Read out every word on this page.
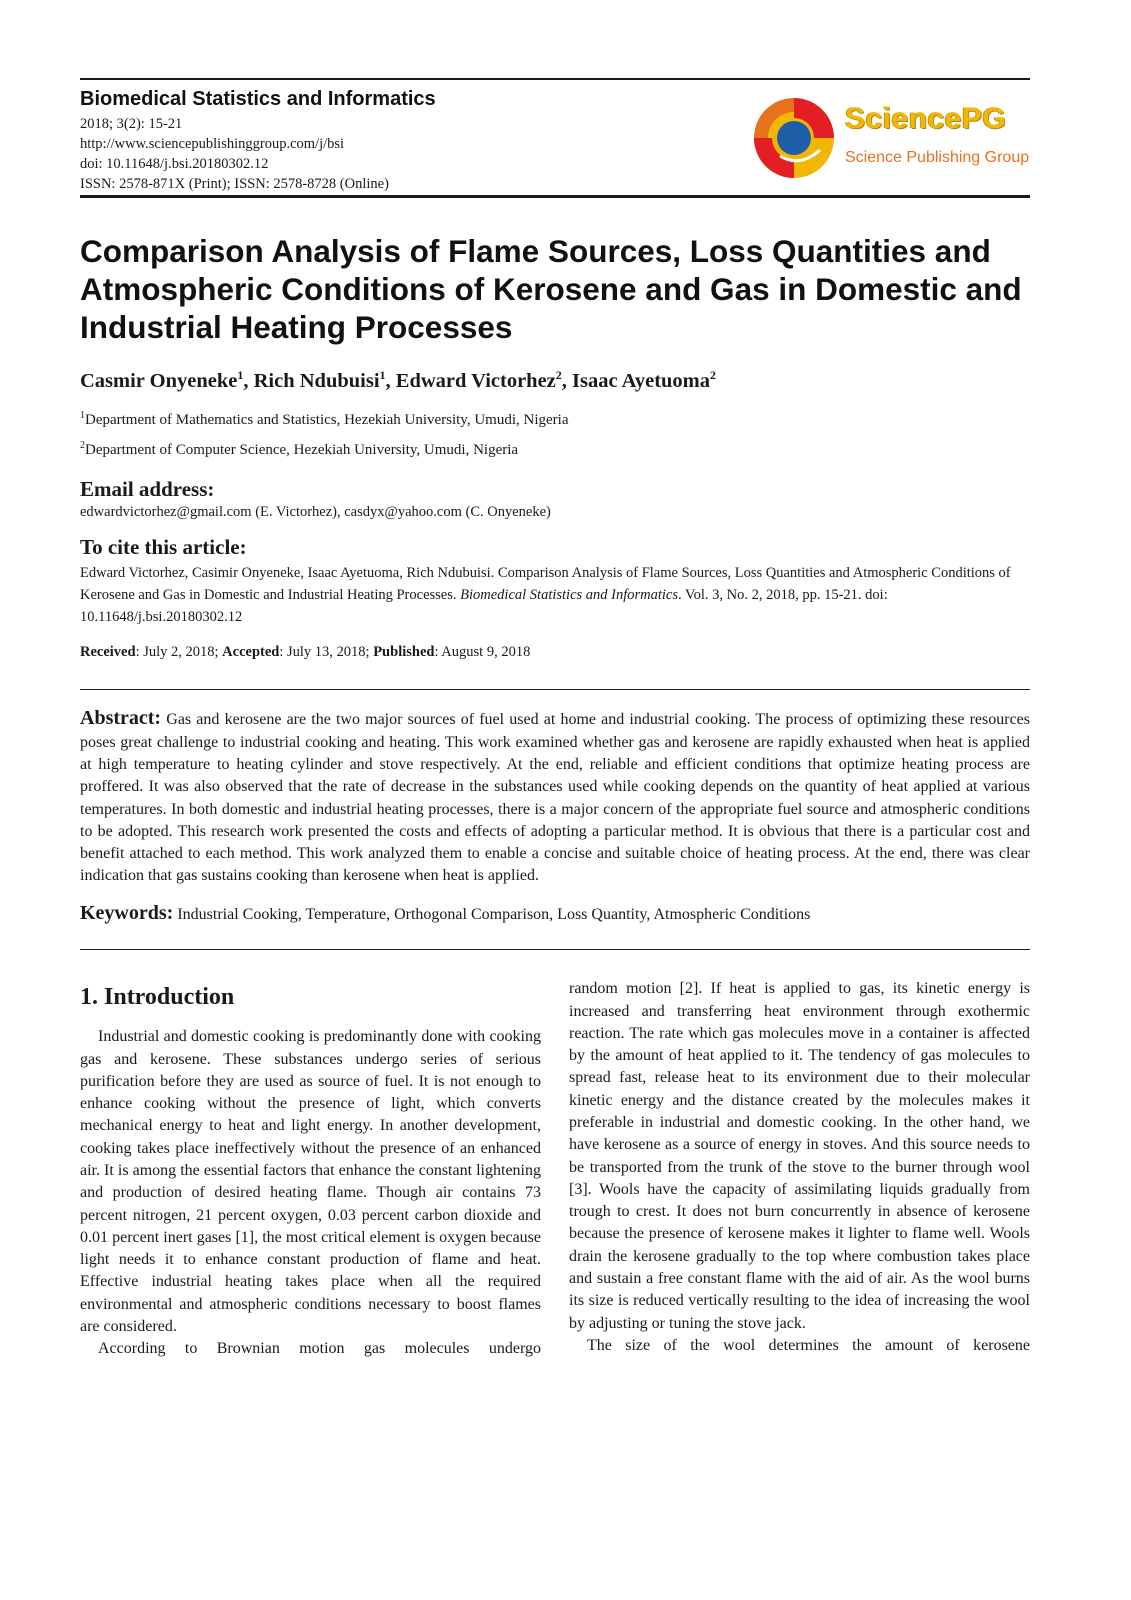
Biomedical Statistics and Informatics
2018; 3(2): 15-21
http://www.sciencepublishinggroup.com/j/bsi
doi: 10.11648/j.bsi.20180302.12
ISSN: 2578-871X (Print); ISSN: 2578-8728 (Online)
SciencePG
Science Publishing Group
Comparison Analysis of Flame Sources, Loss Quantities and Atmospheric Conditions of Kerosene and Gas in Domestic and Industrial Heating Processes
Casmir Onyeneke$^1$, Rich Ndubuisi$^1$, Edward Victorhez$^2$, Isaac Ayetuoma$^2$
$^1$Department of Mathematics and Statistics, Hezekiah University, Umudi, Nigeria
$^2$Department of Computer Science, Hezekiah University, Umudi, Nigeria
Email address:
edwardvictorhez@gmail.com (E. Victorhez), casdyx@yahoo.com (C. Onyeneke)
To cite this article:
Edward Victorhez, Casimir Onyeneke, Isaac Ayetuoma, Rich Ndubuisi. Comparison Analysis of Flame Sources, Loss Quantities and Atmospheric Conditions of Kerosene and Gas in Domestic and Industrial Heating Processes. Biomedical Statistics and Informatics. Vol. 3, No. 2, 2018, pp. 15-21. doi: 10.11648/j.bsi.20180302.12
Received: July 2, 2018; Accepted: July 13, 2018; Published: August 9, 2018
Abstract: Gas and kerosene are the two major sources of fuel used at home and industrial cooking. The process of optimizing these resources poses great challenge to industrial cooking and heating. This work examined whether gas and kerosene are rapidly exhausted when heat is applied at high temperature to heating cylinder and stove respectively. At the end, reliable and efficient conditions that optimize heating process are proffered. It was also observed that the rate of decrease in the substances used while cooking depends on the quantity of heat applied at various temperatures. In both domestic and industrial heating processes, there is a major concern of the appropriate fuel source and atmospheric conditions to be adopted. This research work presented the costs and effects of adopting a particular method. It is obvious that there is a particular cost and benefit attached to each method. This work analyzed them to enable a concise and suitable choice of heating process. At the end, there was clear indication that gas sustains cooking than kerosene when heat is applied.
Keywords: Industrial Cooking, Temperature, Orthogonal Comparison, Loss Quantity, Atmospheric Conditions
1. Introduction

Industrial and domestic cooking is predominantly done with cooking gas and kerosene. These substances undergo series of serious purification before they are used as source of fuel. It is not enough to enhance cooking without the presence of light, which converts mechanical energy to heat and light energy. In another development, cooking takes place ineffectively without the presence of an enhanced air. It is among the essential factors that enhance the constant lightening and production of desired heating flame. Though air contains 73 percent nitrogen, 21 percent oxygen, 0.03 percent carbon dioxide and 0.01 percent inert gases [1], the most critical element is oxygen because light needs it to enhance constant production of flame and heat. Effective industrial heating takes place when all the required environmental and atmospheric conditions necessary to boost flames are considered.

According to Brownian motion gas molecules undergo

random motion [2]. If heat is applied to gas, its kinetic energy is increased and transferring heat environment through exothermic reaction. The rate which gas molecules move in a container is affected by the amount of heat applied to it. The tendency of gas molecules to spread fast, release heat to its environment due to their molecular kinetic energy and the distance created by the molecules makes it preferable in industrial and domestic cooking. In the other hand, we have kerosene as a source of energy in stoves. And this source needs to be transported from the trunk of the stove to the burner through wool [3]. Wools have the capacity of assimilating liquids gradually from trough to crest. It does not burn concurrently in absence of kerosene because the presence of kerosene makes it lighter to flame well. Wools drain the kerosene gradually to the top where combustion takes place and sustain a free constant flame with the aid of air. As the wool burns its size is reduced vertically resulting to the idea of increasing the wool by adjusting or tuning the stove jack.

The size of the wool determines the amount of kerosene
